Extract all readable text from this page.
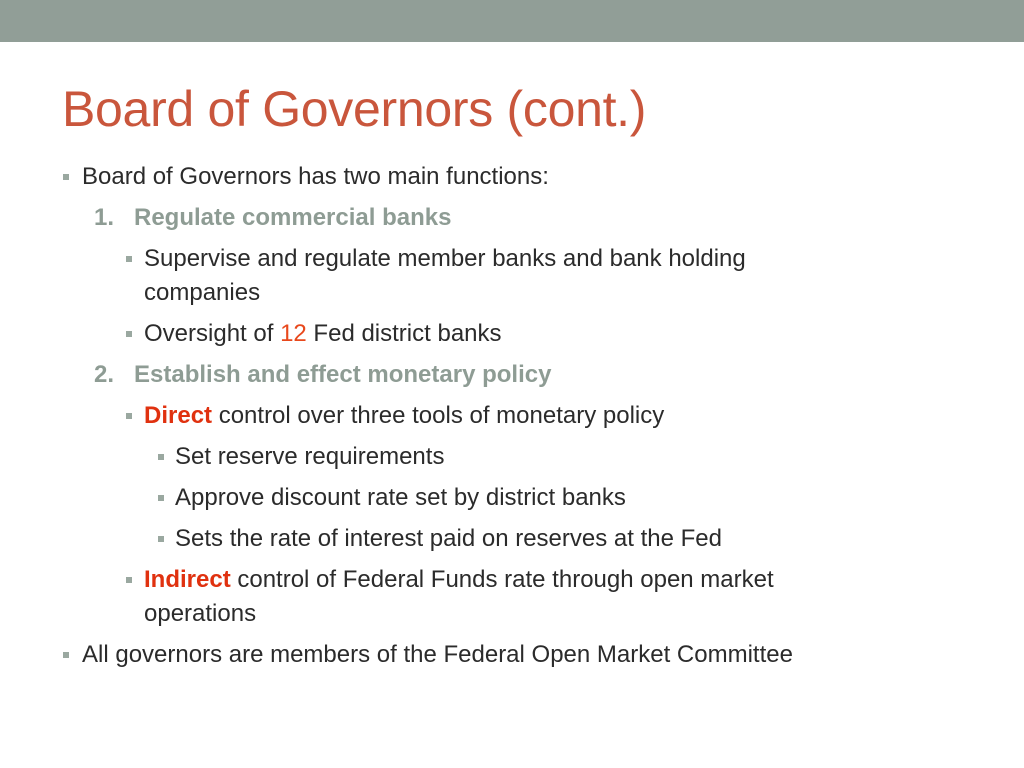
Board of Governors (cont.)
Board of Governors has two main functions:
1. Regulate commercial banks
Supervise and regulate member banks and bank holding
companies
Oversight of 12 Fed district banks
2. Establish and effect monetary policy
Direct control over three tools of monetary policy
Set reserve requirements
Approve discount rate set by district banks
Sets the rate of interest paid on reserves at the Fed
Indirect control of Federal Funds rate through open market
operations
All governors are members of the Federal Open Market Committee
